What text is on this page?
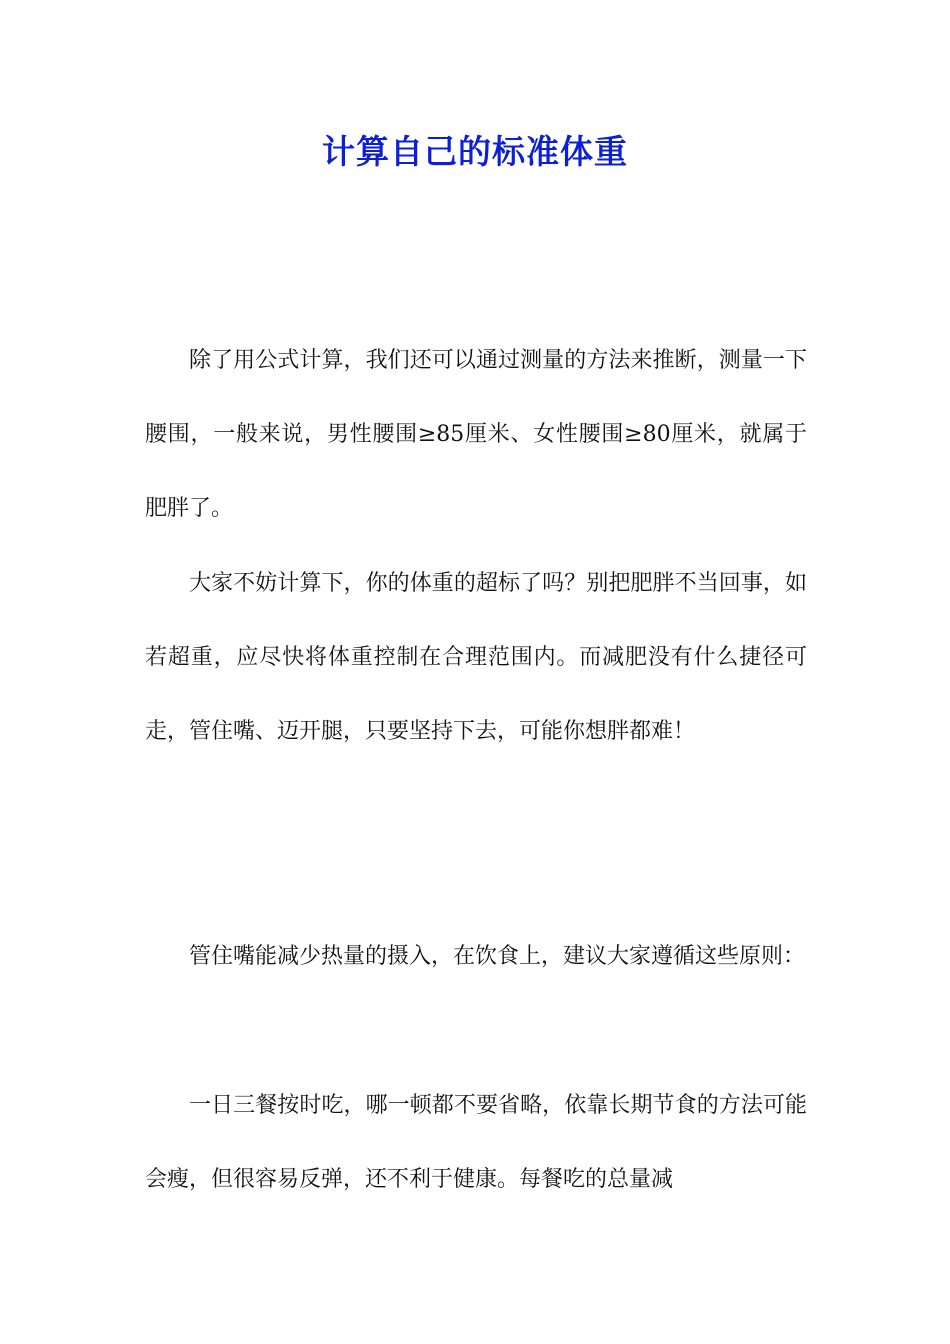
计算自己的标准体重

除了用公式计算，我们还可以通过测量的方法来推断，测量一下腰围，一般来说，男性腰围≥85厘米、女性腰围≥80厘米，就属于肥胖了。

大家不妨计算下，你的体重的超标了吗？别把肥胖不当回事，如若超重，应尽快将体重控制在合理范围内。而减肥没有什么捷径可走，管住嘴、迈开腿，只要坚持下去，可能你想胖都难！

管住嘴能减少热量的摄入，在饮食上，建议大家遵循这些原则：

一日三餐按时吃，哪一顿都不要省略，依靠长期节食的方法可能会瘦，但很容易反弹，还不利于健康。每餐吃的总量减
